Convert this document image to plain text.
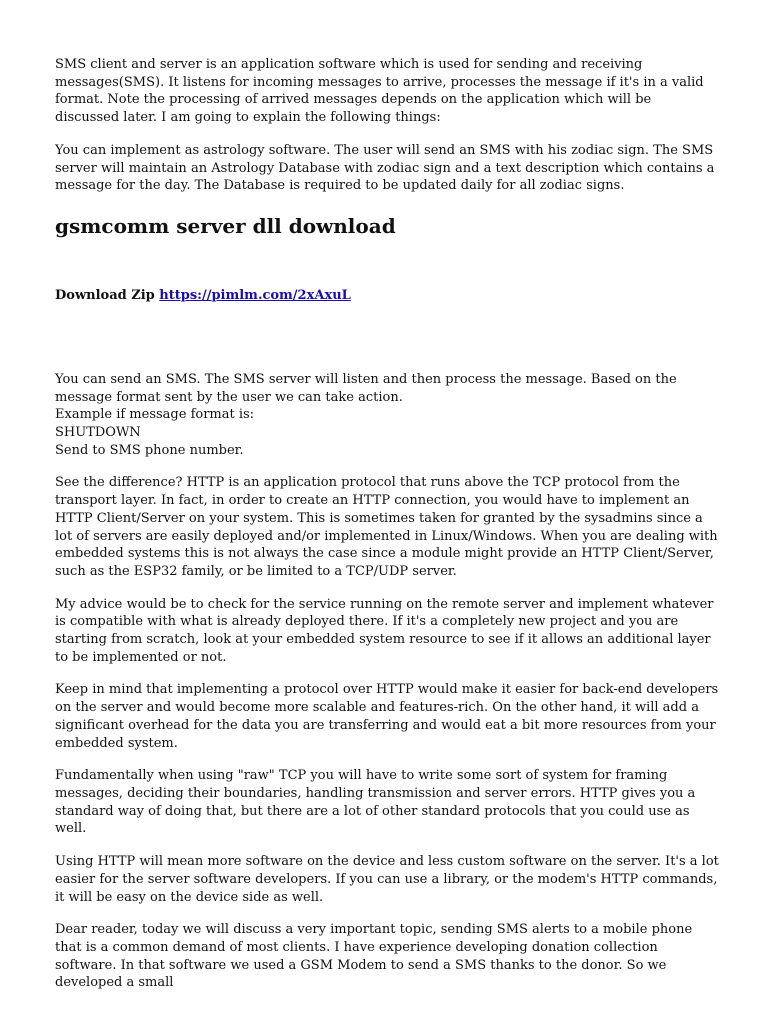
SMS client and server is an application software which is used for sending and receiving messages(SMS). It listens for incoming messages to arrive, processes the message if it's in a valid format. Note the processing of arrived messages depends on the application which will be discussed later. I am going to explain the following things:

You can implement as astrology software. The user will send an SMS with his zodiac sign. The SMS server will maintain an Astrology Database with zodiac sign and a text description which contains a message for the day. The Database is required to be updated daily for all zodiac signs.

gsmcomm server dll download
Download Zip https://pimlm.com/2xAxuL

You can send an SMS. The SMS server will listen and then process the message. Based on the message format sent by the user we can take action.
Example if message format is:
SHUTDOWN
Send to SMS phone number.

See the difference? HTTP is an application protocol that runs above the TCP protocol from the transport layer. In fact, in order to create an HTTP connection, you would have to implement an HTTP Client/Server on your system. This is sometimes taken for granted by the sysadmins since a lot of servers are easily deployed and/or implemented in Linux/Windows. When you are dealing with embedded systems this is not always the case since a module might provide an HTTP Client/Server, such as the ESP32 family, or be limited to a TCP/UDP server.

My advice would be to check for the service running on the remote server and implement whatever is compatible with what is already deployed there. If it's a completely new project and you are starting from scratch, look at your embedded system resource to see if it allows an additional layer to be implemented or not.

Keep in mind that implementing a protocol over HTTP would make it easier for back-end developers on the server and would become more scalable and features-rich. On the other hand, it will add a significant overhead for the data you are transferring and would eat a bit more resources from your embedded system.

Fundamentally when using "raw" TCP you will have to write some sort of system for framing messages, deciding their boundaries, handling transmission and server errors. HTTP gives you a standard way of doing that, but there are a lot of other standard protocols that you could use as well.

Using HTTP will mean more software on the device and less custom software on the server. It's a lot easier for the server software developers. If you can use a library, or the modem's HTTP commands, it will be easy on the device side as well.

Dear reader, today we will discuss a very important topic, sending SMS alerts to a mobile phone that is a common demand of most clients. I have experience developing donation collection software. In that software we used a GSM Modem to send a SMS thanks to the donor. So we developed a small
